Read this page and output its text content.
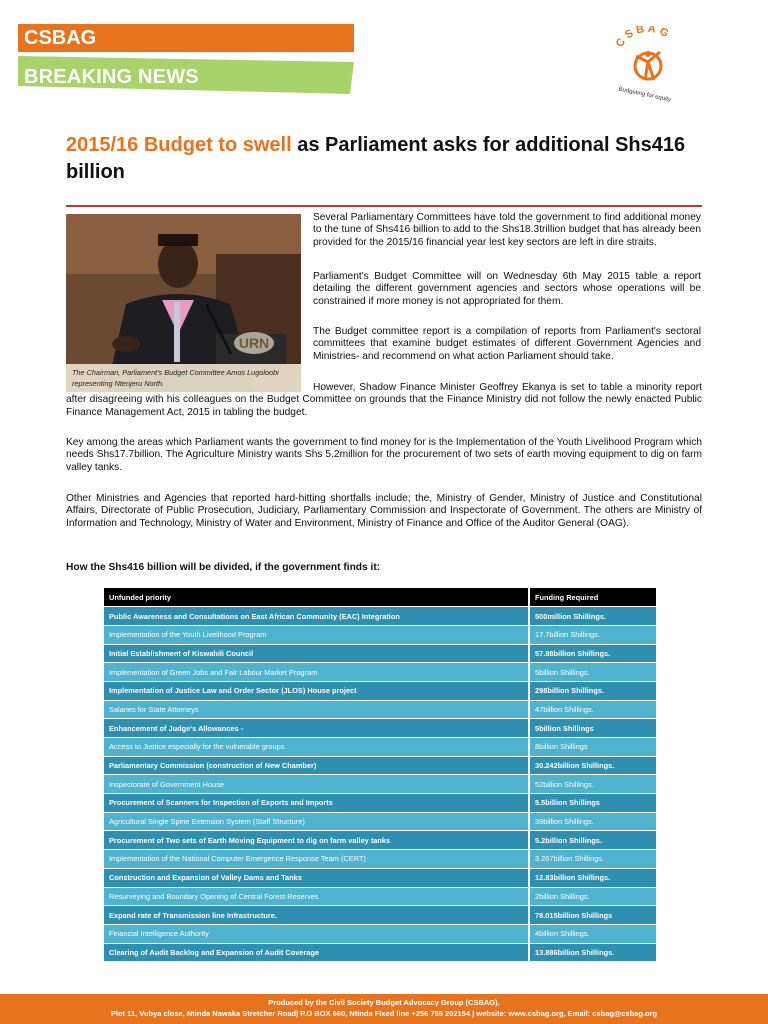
CSBAG
BREAKING NEWS
CSBAG
Budgeting for equity
2015/16 Budget to swell as Parliament asks for additional Shs416 billion
URN
The Chairman, Parliament's Budget Committee Amos Lugoloobi representing Ntenjeru North.
Several Parliamentary Committees have told the government to find additional money to the tune of Shs416 billion to add to the Shs18.3trillion budget that has already been provided for the 2015/16 financial year lest key sectors are left in dire straits.
Parliament's Budget Committee will on Wednesday 6th May 2015 table a report detailing the different government agencies and sectors whose operations will be constrained if more money is not appropriated for them.
The Budget committee report is a compilation of reports from Parliament's sectoral committees that examine budget estimates of different Government Agencies and Ministries- and recommend on what action Parliament should take.
However, Shadow Finance Minister Geoffrey Ekanya is set to table a minority report after disagreeing with his colleagues on the Budget Committee on grounds that the Finance Ministry did not follow the newly enacted Public Finance Management Act, 2015 in tabling the budget.
Key among the areas which Parliament wants the government to find money for is the Implementation of the Youth Livelihood Program which needs Shs17.7billion. The Agriculture Ministry wants Shs 5.2million for the procurement of two sets of earth moving equipment to dig on farm valley tanks.
Other Ministries and Agencies that reported hard-hitting shortfalls include; the, Ministry of Gender, Ministry of Justice and Constitutional Affairs, Directorate of Public Prosecution, Judiciary, Parliamentary Commission and Inspectorate of Government. The others are Ministry of Information and Technology, Ministry of Water and Environment, Ministry of Finance and Office of the Auditor General (OAG).
How the Shs416 billion will be divided, if the government finds it:
Unfunded priority	Funding Required
Public Awareness and Consultations on East African Community (EAC) Integration	500million Shillings.
Implementation of the Youth Livelihood Program	17.7billion Shillings.
Initial Establishment of Kiswahili Council	57.88billion Shillings.
Implementation of Green Jobs and Fair Labour Market Program	5billion Shillings.
Implementation of Justice Law and Order Sector (JLOS) House project	298billion Shillings.
Salaries for State Attorneys	47billion Shillings.
Enhancement of Judge's Allowances -	5billion Shillings
Access to Justice especially for the vulnerable groups.	8billion Shillings
Parliamentary Commission (construction of New Chamber)	30.242billion Shillings.
Inspectorate of Government House	52billion Shillings.
Procurement of Scanners for Inspection of Exports and Imports	5.5billion Shillings
Agricultural Single Spine Extension System (Staff Structure)	39billion Shillings.
Procurement of Two sets of Earth Moving Equipment to dig on farm valley tanks	5.2billion Shillings.
Implementation of the National Computer Emergence Response Team (CERT)	3.267billion Shillings.
Construction and Expansion of Valley Dams and Tanks	12.83billion Shillings.
Resurveying and Boundary Opening of Central Forest Reserves	2billion Shillings.
Expand rate of Transmission line Infrastructure.	78.015billion Shillings
Financial Intelligence Authority	4billion Shillings.
Clearing of Audit Backlog and Expansion of Audit Coverage	13.886billion Shillings.
Produced by the Civil Society Budget Advocacy Group (CSBAG).
Plot 11, Vubya close, Ntinda Nawaka Stretcher Road| P.O BOX 660, Ntinda Fixed line +256 755 202154 | website: www.csbag.org, Email: csbag@csbag.org
